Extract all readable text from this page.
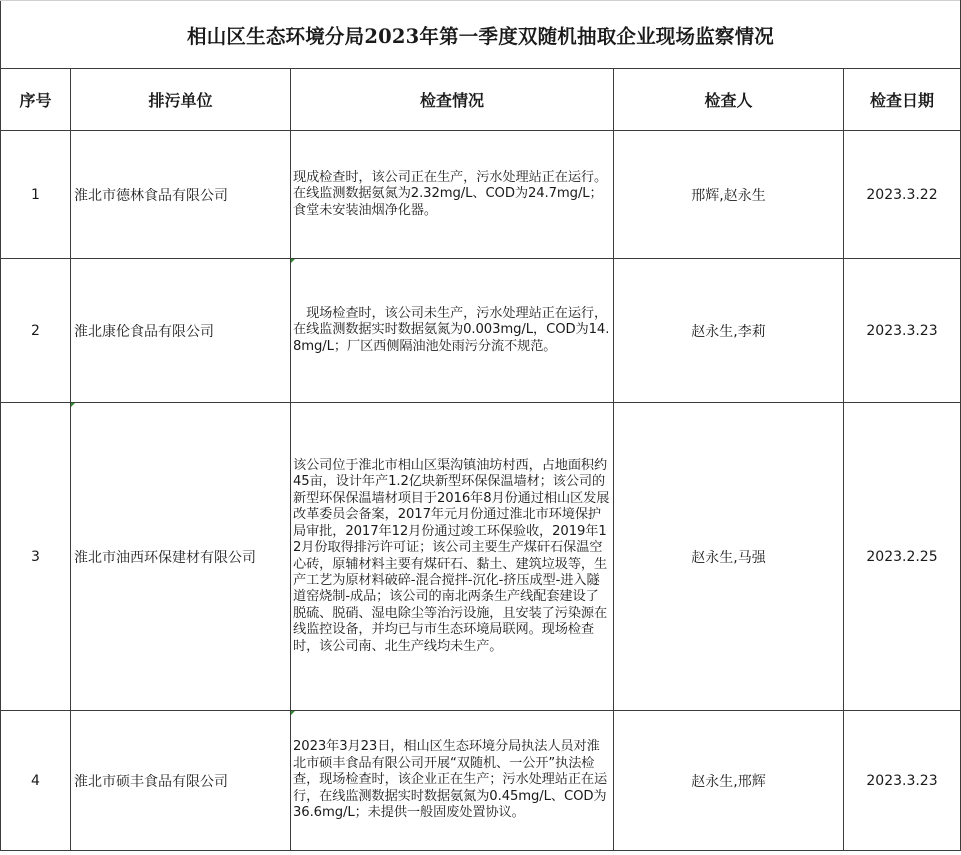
相山区生态环境分局2023年第一季度双随机抽取企业现场监察情况				
序号	排污单位	检查情况	检查人	检查日期
1	淮北市德林食品有限公司	现成检查时，该公司正在生产，污水处理站正在运行。在线监测数据氨氮为2.32mg/L、COD为24.7mg/L；食堂未安装油烟净化器。	邢辉,赵永生	2023.3.22
2	淮北康伦食品有限公司	　现场检查时，该公司未生产，污水处理站正在运行，在线监测数据实时数据氨氮为0.003mg/L，COD为14.8mg/L；厂区西侧隔油池处雨污分流不规范。	赵永生,李莉	2023.3.23
3	淮北市油西环保建材有限公司	该公司位于淮北市相山区渠沟镇油坊村西，占地面积约45亩，设计年产1.2亿块新型环保保温墙材；该公司的新型环保保温墙材项目于2016年8月份通过相山区发展改革委员会备案，2017年元月份通过淮北市环境保护局审批，2017年12月份通过竣工环保验收，2019年12月份取得排污许可证；该公司主要生产煤矸石保温空心砖，原辅材料主要有煤矸石、黏土、建筑垃圾等，生产工艺为原材料破碎-混合搅拌-沉化-挤压成型-进入隧道窑烧制-成品；该公司的南北两条生产线配套建设了脱硫、脱硝、湿电除尘等治污设施，且安装了污染源在线监控设备，并均已与市生态环境局联网。现场检查时，该公司南、北生产线均未生产。	赵永生,马强	2023.2.25
4	淮北市硕丰食品有限公司	2023年3月23日，相山区生态环境分局执法人员对淮北市硕丰食品有限公司开展“双随机、一公开”执法检查，现场检查时，该企业正在生产；污水处理站正在运行，在线监测数据实时数据氨氮为0.45mg/L、COD为36.6mg/L；未提供一般固废处置协议。	赵永生,邢辉	2023.3.23
